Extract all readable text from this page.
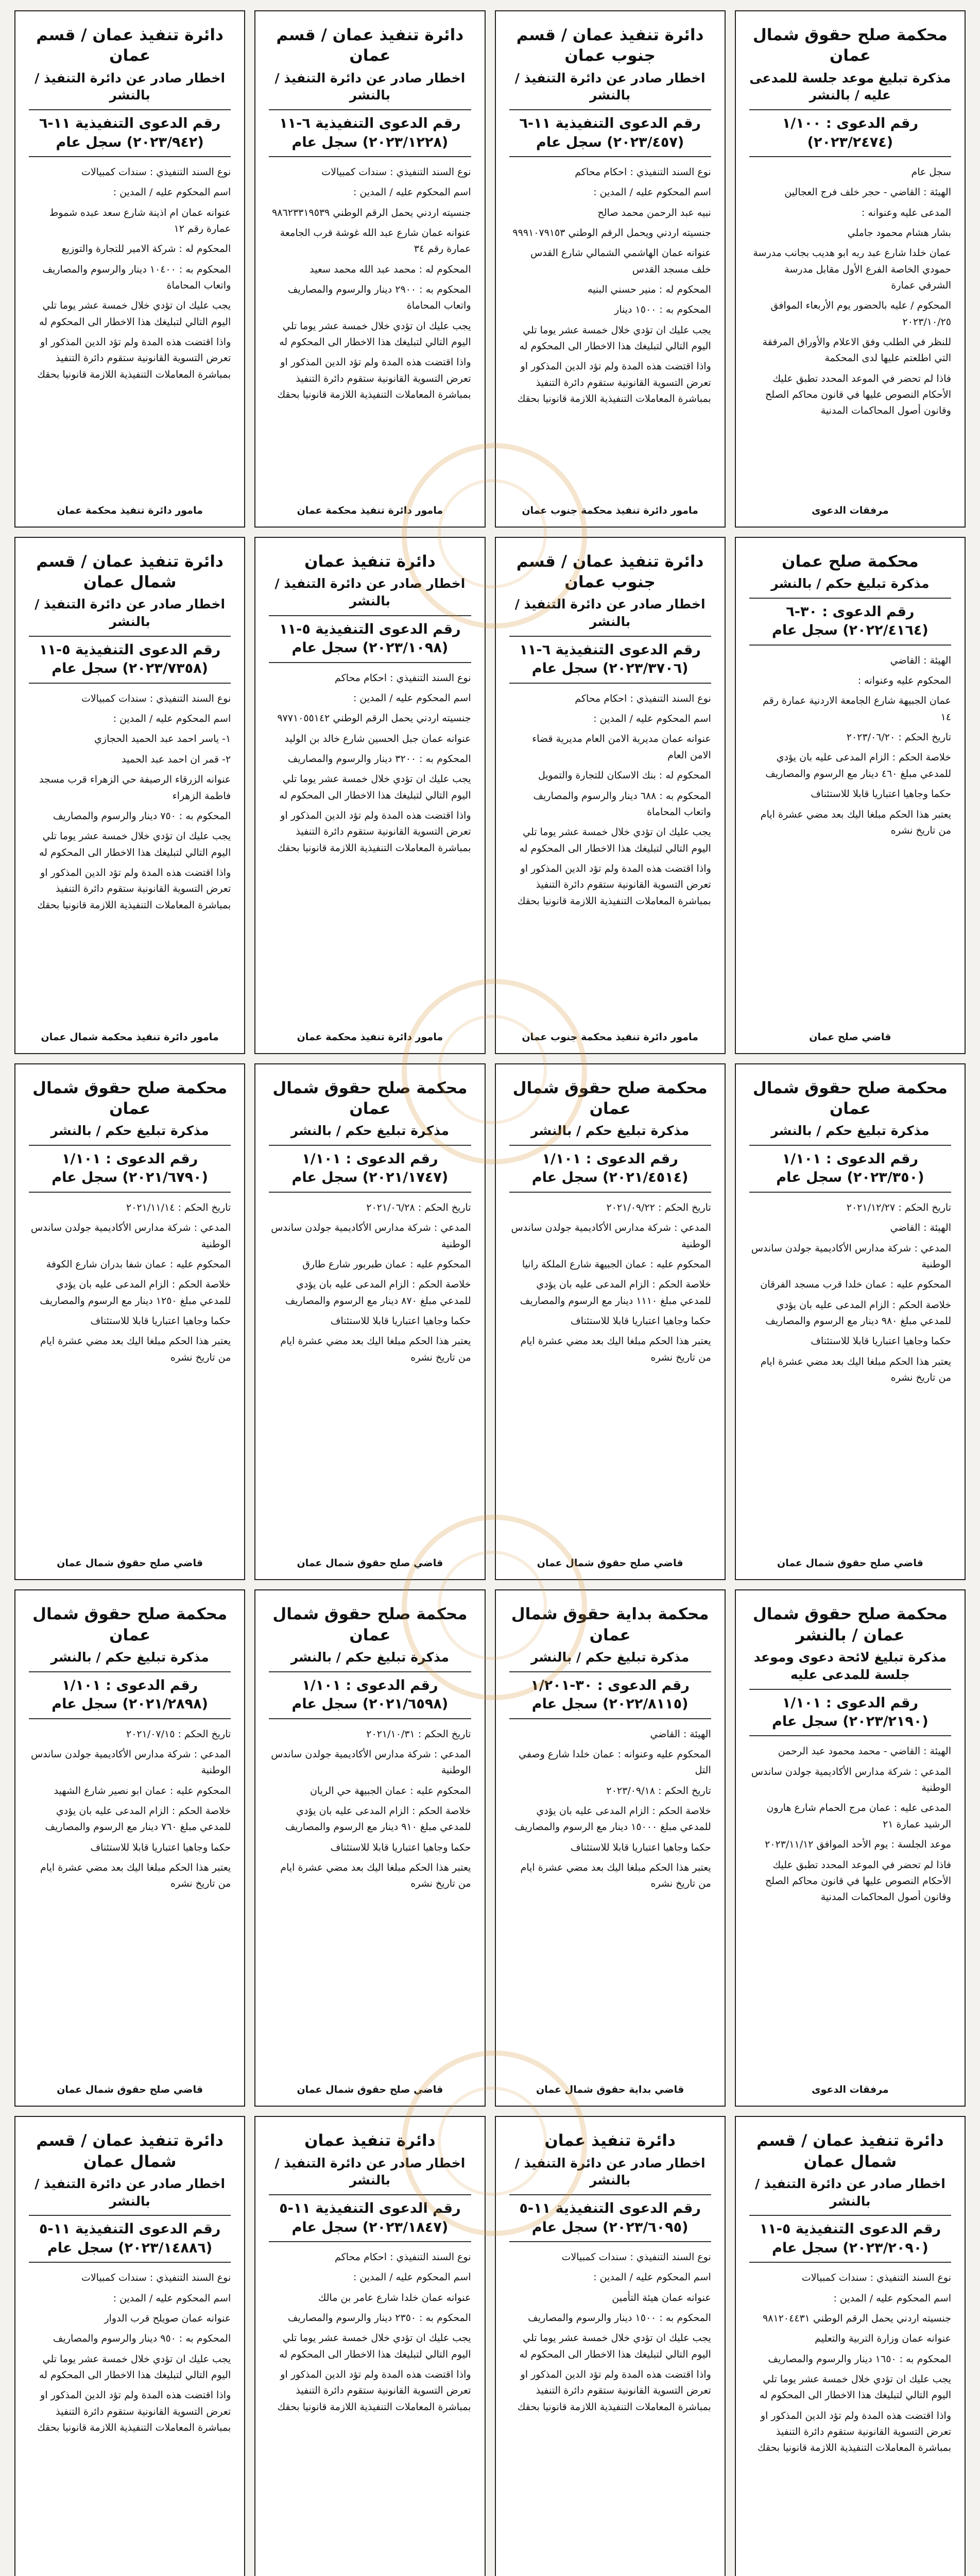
محكمة صلح حقوق شمال عمان
مذكرة تبليغ موعد جلسة للمدعى عليه / بالنشر
رقم الدعوى : ١/١٠٠ (٢٠٢٣/٢٤٧٤)

سجل عام

الهيئة : القاضي - حجر خلف فرج العجالين

المدعى عليه وعنوانه :

بشار هشام محمود جاملي

عمان خلدا شارع عبد ربه ابو هديب بجانب مدرسة حمودي الخاصة الفرع الأول مقابل مدرسة الشرقي عمارة

المحكوم / عليه بالحضور يوم الأربعاء الموافق ٢٠٢٣/١٠/٢٥

للنظر في الطلب وفق الاعلام والأوراق المرفقة التي اطلعتم عليها لدى المحكمة

فاذا لم تحضر في الموعد المحدد تطبق عليك الأحكام النصوص عليها في قانون محاكم الصلح وقانون أصول المحاكمات المدنية

مرفقات الدعوى
دائرة تنفيذ عمان / قسم جنوب عمان
اخطار صادر عن دائرة التنفيذ / بالنشر
رقم الدعوى التنفيذية ١١-٦ (٢٠٢٣/٤٥٧) سجل عام

نوع السند التنفيذي : احكام محاكم

اسم المحكوم عليه / المدين :

نبيه عبد الرحمن محمد صالح

جنسيته اردني ويحمل الرقم الوطني ٩٩٩١٠٧٩١٥٣

عنوانه عمان الهاشمي الشمالي شارع القدس خلف مسجد القدس

المحكوم له : منير حسني البنيه

المحكوم به : ١٥٠٠ دينار

يجب عليك ان تؤدي خلال خمسة عشر يوما تلي اليوم التالي لتبليغك هذا الاخطار الى المحكوم له

واذا اقتضت هذه المدة ولم تؤد الدين المذكور او تعرض التسوية القانونية ستقوم دائرة التنفيذ بمباشرة المعاملات التنفيذية اللازمة قانونيا بحقك

مامور دائرة تنفيذ محكمة جنوب عمان
دائرة تنفيذ عمان / قسم عمان
اخطار صادر عن دائرة التنفيذ / بالنشر
رقم الدعوى التنفيذية ٦-١١ (٢٠٢٣/١٢٢٨) سجل عام

نوع السند التنفيذي : سندات كمبيالات

اسم المحكوم عليه / المدين :

جنسيته اردني يحمل الرقم الوطني ٩٨٦٢٣٣١٩٥٣٩

عنوانه عمان شارع عبد الله غوشة قرب الجامعة عمارة رقم ٣٤

المحكوم له : محمد عبد الله محمد سعيد

المحكوم به : ٢٩٠٠ دينار والرسوم والمصاريف واتعاب المحاماة

يجب عليك ان تؤدي خلال خمسة عشر يوما تلي اليوم التالي لتبليغك هذا الاخطار الى المحكوم له

واذا اقتضت هذه المدة ولم تؤد الدين المذكور او تعرض التسوية القانونية ستقوم دائرة التنفيذ بمباشرة المعاملات التنفيذية اللازمة قانونيا بحقك

مامور دائرة تنفيذ محكمة عمان
دائرة تنفيذ عمان / قسم عمان
اخطار صادر عن دائرة التنفيذ / بالنشر
رقم الدعوى التنفيذية ١١-٦ (٢٠٢٣/٩٤٢) سجل عام

نوع السند التنفيذي : سندات كمبيالات

اسم المحكوم عليه / المدين :

عنوانه عمان ام اذينة شارع سعد عبده شموط عمارة رقم ١٢

المحكوم له : شركة الامير للتجارة والتوزيع

المحكوم به : ١٠٤٠٠ دينار والرسوم والمصاريف واتعاب المحاماة

يجب عليك ان تؤدي خلال خمسة عشر يوما تلي اليوم التالي لتبليغك هذا الاخطار الى المحكوم له

واذا اقتضت هذه المدة ولم تؤد الدين المذكور او تعرض التسوية القانونية ستقوم دائرة التنفيذ بمباشرة المعاملات التنفيذية اللازمة قانونيا بحقك

مامور دائرة تنفيذ محكمة عمان
محكمة صلح عمان
مذكرة تبليغ حكم / بالنشر
رقم الدعوى : ٣٠-٦ (٢٠٢٢/٤١٦٤) سجل عام

الهيئة : القاضي

المحكوم عليه وعنوانه :

عمان الجبيهة شارع الجامعة الاردنية عمارة رقم ١٤

تاريخ الحكم : ٢٠٢٣/٠٦/٢٠

خلاصة الحكم : الزام المدعى عليه بان يؤدي للمدعي مبلغ ٤٦٠ دينار مع الرسوم والمصاريف

حكما وجاهيا اعتباريا قابلا للاستئناف

يعتبر هذا الحكم مبلغا اليك بعد مضي عشرة ايام من تاريخ نشره

قاضي صلح عمان
دائرة تنفيذ عمان / قسم جنوب عمان
اخطار صادر عن دائرة التنفيذ / بالنشر
رقم الدعوى التنفيذية ٦-١١ (٢٠٢٣/٣٧٠٦) سجل عام

نوع السند التنفيذي : احكام محاكم

اسم المحكوم عليه / المدين :

عنوانه عمان مديرية الامن العام مديرية قضاء الامن العام

المحكوم له : بنك الاسكان للتجارة والتمويل

المحكوم به : ٦٨٨ دينار والرسوم والمصاريف واتعاب المحاماة

يجب عليك ان تؤدي خلال خمسة عشر يوما تلي اليوم التالي لتبليغك هذا الاخطار الى المحكوم له

واذا اقتضت هذه المدة ولم تؤد الدين المذكور او تعرض التسوية القانونية ستقوم دائرة التنفيذ بمباشرة المعاملات التنفيذية اللازمة قانونيا بحقك

مامور دائرة تنفيذ محكمة جنوب عمان
دائرة تنفيذ عمان
اخطار صادر عن دائرة التنفيذ / بالنشر
رقم الدعوى التنفيذية ٥-١١ (٢٠٢٣/١٠٩٨) سجل عام

نوع السند التنفيذي : احكام محاكم

اسم المحكوم عليه / المدين :

جنسيته اردني يحمل الرقم الوطني ٩٧٧١٠٥٥١٤٢

عنوانه عمان جبل الحسين شارع خالد بن الوليد

المحكوم به : ٣٢٠٠ دينار والرسوم والمصاريف

يجب عليك ان تؤدي خلال خمسة عشر يوما تلي اليوم التالي لتبليغك هذا الاخطار الى المحكوم له

واذا اقتضت هذه المدة ولم تؤد الدين المذكور او تعرض التسوية القانونية ستقوم دائرة التنفيذ بمباشرة المعاملات التنفيذية اللازمة قانونيا بحقك

مامور دائرة تنفيذ محكمة عمان
دائرة تنفيذ عمان / قسم شمال عمان
اخطار صادر عن دائرة التنفيذ / بالنشر
رقم الدعوى التنفيذية ٥-١١ (٢٠٢٣/٧٣٥٨) سجل عام

نوع السند التنفيذي : سندات كمبيالات

اسم المحكوم عليه / المدين :

١- ياسر احمد عبد الحميد الحجازي

٢- قمر ان احمد عبد الحميد

عنوانه الزرقاء الرصيفة حي الزهراء قرب مسجد فاطمة الزهراء

المحكوم به : ٧٥٠ دينار والرسوم والمصاريف

يجب عليك ان تؤدي خلال خمسة عشر يوما تلي اليوم التالي لتبليغك هذا الاخطار الى المحكوم له

واذا اقتضت هذه المدة ولم تؤد الدين المذكور او تعرض التسوية القانونية ستقوم دائرة التنفيذ بمباشرة المعاملات التنفيذية اللازمة قانونيا بحقك

مامور دائرة تنفيذ محكمة شمال عمان
محكمة صلح حقوق شمال عمان
مذكرة تبليغ حكم / بالنشر
رقم الدعوى : ١/١٠١ (٢٠٢٣/٣٥٠) سجل عام

تاريخ الحكم : ٢٠٢١/١٢/٢٧

الهيئة : القاضي

المدعي : شركة مدارس الأكاديمية جولدن ساندس الوطنية

المحكوم عليه : عمان خلدا قرب مسجد الفرقان

خلاصة الحكم : الزام المدعى عليه بان يؤدي للمدعي مبلغ ٩٨٠ دينار مع الرسوم والمصاريف

حكما وجاهيا اعتباريا قابلا للاستئناف

يعتبر هذا الحكم مبلغا اليك بعد مضي عشرة ايام من تاريخ نشره

قاضي صلح حقوق شمال عمان
محكمة صلح حقوق شمال عمان
مذكرة تبليغ حكم / بالنشر
رقم الدعوى : ١/١٠١ (٢٠٢١/٤٥١٤) سجل عام

تاريخ الحكم : ٢٠٢١/٠٩/٢٢

المدعي : شركة مدارس الأكاديمية جولدن ساندس الوطنية

المحكوم عليه : عمان الجبيهة شارع الملكة رانيا

خلاصة الحكم : الزام المدعى عليه بان يؤدي للمدعي مبلغ ١١١٠ دينار مع الرسوم والمصاريف

حكما وجاهيا اعتباريا قابلا للاستئناف

يعتبر هذا الحكم مبلغا اليك بعد مضي عشرة ايام من تاريخ نشره

قاضي صلح حقوق شمال عمان
محكمة صلح حقوق شمال عمان
مذكرة تبليغ حكم / بالنشر
رقم الدعوى : ١/١٠١ (٢٠٢١/١٧٤٧) سجل عام

تاريخ الحكم : ٢٠٢١/٠٦/٢٨

المدعي : شركة مدارس الأكاديمية جولدن ساندس الوطنية

المحكوم عليه : عمان طبربور شارع طارق

خلاصة الحكم : الزام المدعى عليه بان يؤدي للمدعي مبلغ ٨٧٠ دينار مع الرسوم والمصاريف

حكما وجاهيا اعتباريا قابلا للاستئناف

يعتبر هذا الحكم مبلغا اليك بعد مضي عشرة ايام من تاريخ نشره

قاضي صلح حقوق شمال عمان
محكمة صلح حقوق شمال عمان
مذكرة تبليغ حكم / بالنشر
رقم الدعوى : ١/١٠١ (٢٠٢١/٦٧٩٠) سجل عام

تاريخ الحكم : ٢٠٢١/١١/١٤

المدعي : شركة مدارس الأكاديمية جولدن ساندس الوطنية

المحكوم عليه : عمان شفا بدران شارع الكوفة

خلاصة الحكم : الزام المدعى عليه بان يؤدي للمدعي مبلغ ١٢٥٠ دينار مع الرسوم والمصاريف

حكما وجاهيا اعتباريا قابلا للاستئناف

يعتبر هذا الحكم مبلغا اليك بعد مضي عشرة ايام من تاريخ نشره

قاضي صلح حقوق شمال عمان
محكمة صلح حقوق شمال عمان / بالنشر
مذكرة تبليغ لائحة دعوى وموعد جلسة للمدعى عليه
رقم الدعوى : ١/١٠١ (٢٠٢٣/٢١٩٠) سجل عام

الهيئة : القاضي - محمد محمود عبد الرحمن

المدعي : شركة مدارس الأكاديمية جولدن ساندس الوطنية

المدعى عليه : عمان مرج الحمام شارع هارون الرشيد عمارة ٢١

موعد الجلسة : يوم الأحد الموافق ٢٠٢٣/١١/١٢

فاذا لم تحضر في الموعد المحدد تطبق عليك الأحكام النصوص عليها في قانون محاكم الصلح وقانون أصول المحاكمات المدنية

مرفقات الدعوى
محكمة بداية حقوق شمال عمان
مذكرة تبليغ حكم / بالنشر
رقم الدعوى : ٣٠-١/٢٠١ (٢٠٢٢/٨١١٥) سجل عام

الهيئة : القاضي

المحكوم عليه وعنوانه : عمان خلدا شارع وصفي التل

تاريخ الحكم : ٢٠٢٣/٠٩/١٨

خلاصة الحكم : الزام المدعى عليه بان يؤدي للمدعي مبلغ ١٥٠٠٠ دينار مع الرسوم والمصاريف

حكما وجاهيا اعتباريا قابلا للاستئناف

يعتبر هذا الحكم مبلغا اليك بعد مضي عشرة ايام من تاريخ نشره

قاضي بداية حقوق شمال عمان
محكمة صلح حقوق شمال عمان
مذكرة تبليغ حكم / بالنشر
رقم الدعوى : ١/١٠١ (٢٠٢١/٦٥٩٨) سجل عام

تاريخ الحكم : ٢٠٢١/١٠/٣١

المدعي : شركة مدارس الأكاديمية جولدن ساندس الوطنية

المحكوم عليه : عمان الجبيهة حي الريان

خلاصة الحكم : الزام المدعى عليه بان يؤدي للمدعي مبلغ ٩١٠ دينار مع الرسوم والمصاريف

حكما وجاهيا اعتباريا قابلا للاستئناف

يعتبر هذا الحكم مبلغا اليك بعد مضي عشرة ايام من تاريخ نشره

قاضي صلح حقوق شمال عمان
محكمة صلح حقوق شمال عمان
مذكرة تبليغ حكم / بالنشر
رقم الدعوى : ١/١٠١ (٢٠٢١/٢٨٩٨) سجل عام

تاريخ الحكم : ٢٠٢١/٠٧/١٥

المدعي : شركة مدارس الأكاديمية جولدن ساندس الوطنية

المحكوم عليه : عمان ابو نصير شارع الشهيد

خلاصة الحكم : الزام المدعى عليه بان يؤدي للمدعي مبلغ ٧٦٠ دينار مع الرسوم والمصاريف

حكما وجاهيا اعتباريا قابلا للاستئناف

يعتبر هذا الحكم مبلغا اليك بعد مضي عشرة ايام من تاريخ نشره

قاضي صلح حقوق شمال عمان
دائرة تنفيذ عمان / قسم شمال عمان
اخطار صادر عن دائرة التنفيذ / بالنشر
رقم الدعوى التنفيذية ٥-١١ (٢٠٢٣/٢٠٩٠) سجل عام

نوع السند التنفيذي : سندات كمبيالات

اسم المحكوم عليه / المدين :

جنسيته اردني يحمل الرقم الوطني ٩٨١٢٠٤٤٣١

عنوانه عمان وزارة التربية والتعليم

المحكوم به : ١٦٥٠ دينار والرسوم والمصاريف

يجب عليك ان تؤدي خلال خمسة عشر يوما تلي اليوم التالي لتبليغك هذا الاخطار الى المحكوم له

واذا اقتضت هذه المدة ولم تؤد الدين المذكور او تعرض التسوية القانونية ستقوم دائرة التنفيذ بمباشرة المعاملات التنفيذية اللازمة قانونيا بحقك

دائرة تنفيذ عمان
اخطار صادر عن دائرة التنفيذ / بالنشر
رقم الدعوى التنفيذية ١١-٥ (٢٠٢٣/٦٠٩٥) سجل عام

نوع السند التنفيذي : سندات كمبيالات

اسم المحكوم عليه / المدين :

عنوانه عمان هيئة التأمين

المحكوم به : ١٥٠٠ دينار والرسوم والمصاريف

يجب عليك ان تؤدي خلال خمسة عشر يوما تلي اليوم التالي لتبليغك هذا الاخطار الى المحكوم له

واذا اقتضت هذه المدة ولم تؤد الدين المذكور او تعرض التسوية القانونية ستقوم دائرة التنفيذ بمباشرة المعاملات التنفيذية اللازمة قانونيا بحقك

دائرة تنفيذ عمان
اخطار صادر عن دائرة التنفيذ / بالنشر
رقم الدعوى التنفيذية ١١-٥ (٢٠٢٣/١٨٤٧) سجل عام

نوع السند التنفيذي : احكام محاكم

اسم المحكوم عليه / المدين :

عنوانه عمان خلدا شارع عامر بن مالك

المحكوم به : ٢٣٥٠ دينار والرسوم والمصاريف

يجب عليك ان تؤدي خلال خمسة عشر يوما تلي اليوم التالي لتبليغك هذا الاخطار الى المحكوم له

واذا اقتضت هذه المدة ولم تؤد الدين المذكور او تعرض التسوية القانونية ستقوم دائرة التنفيذ بمباشرة المعاملات التنفيذية اللازمة قانونيا بحقك

دائرة تنفيذ عمان / قسم شمال عمان
اخطار صادر عن دائرة التنفيذ / بالنشر
رقم الدعوى التنفيذية ١١-٥ (٢٠٢٣/١٤٨٨٦) سجل عام

نوع السند التنفيذي : سندات كمبيالات

اسم المحكوم عليه / المدين :

عنوانه عمان صويلح قرب الدوار

المحكوم به : ٩٥٠ دينار والرسوم والمصاريف

يجب عليك ان تؤدي خلال خمسة عشر يوما تلي اليوم التالي لتبليغك هذا الاخطار الى المحكوم له

واذا اقتضت هذه المدة ولم تؤد الدين المذكور او تعرض التسوية القانونية ستقوم دائرة التنفيذ بمباشرة المعاملات التنفيذية اللازمة قانونيا بحقك
